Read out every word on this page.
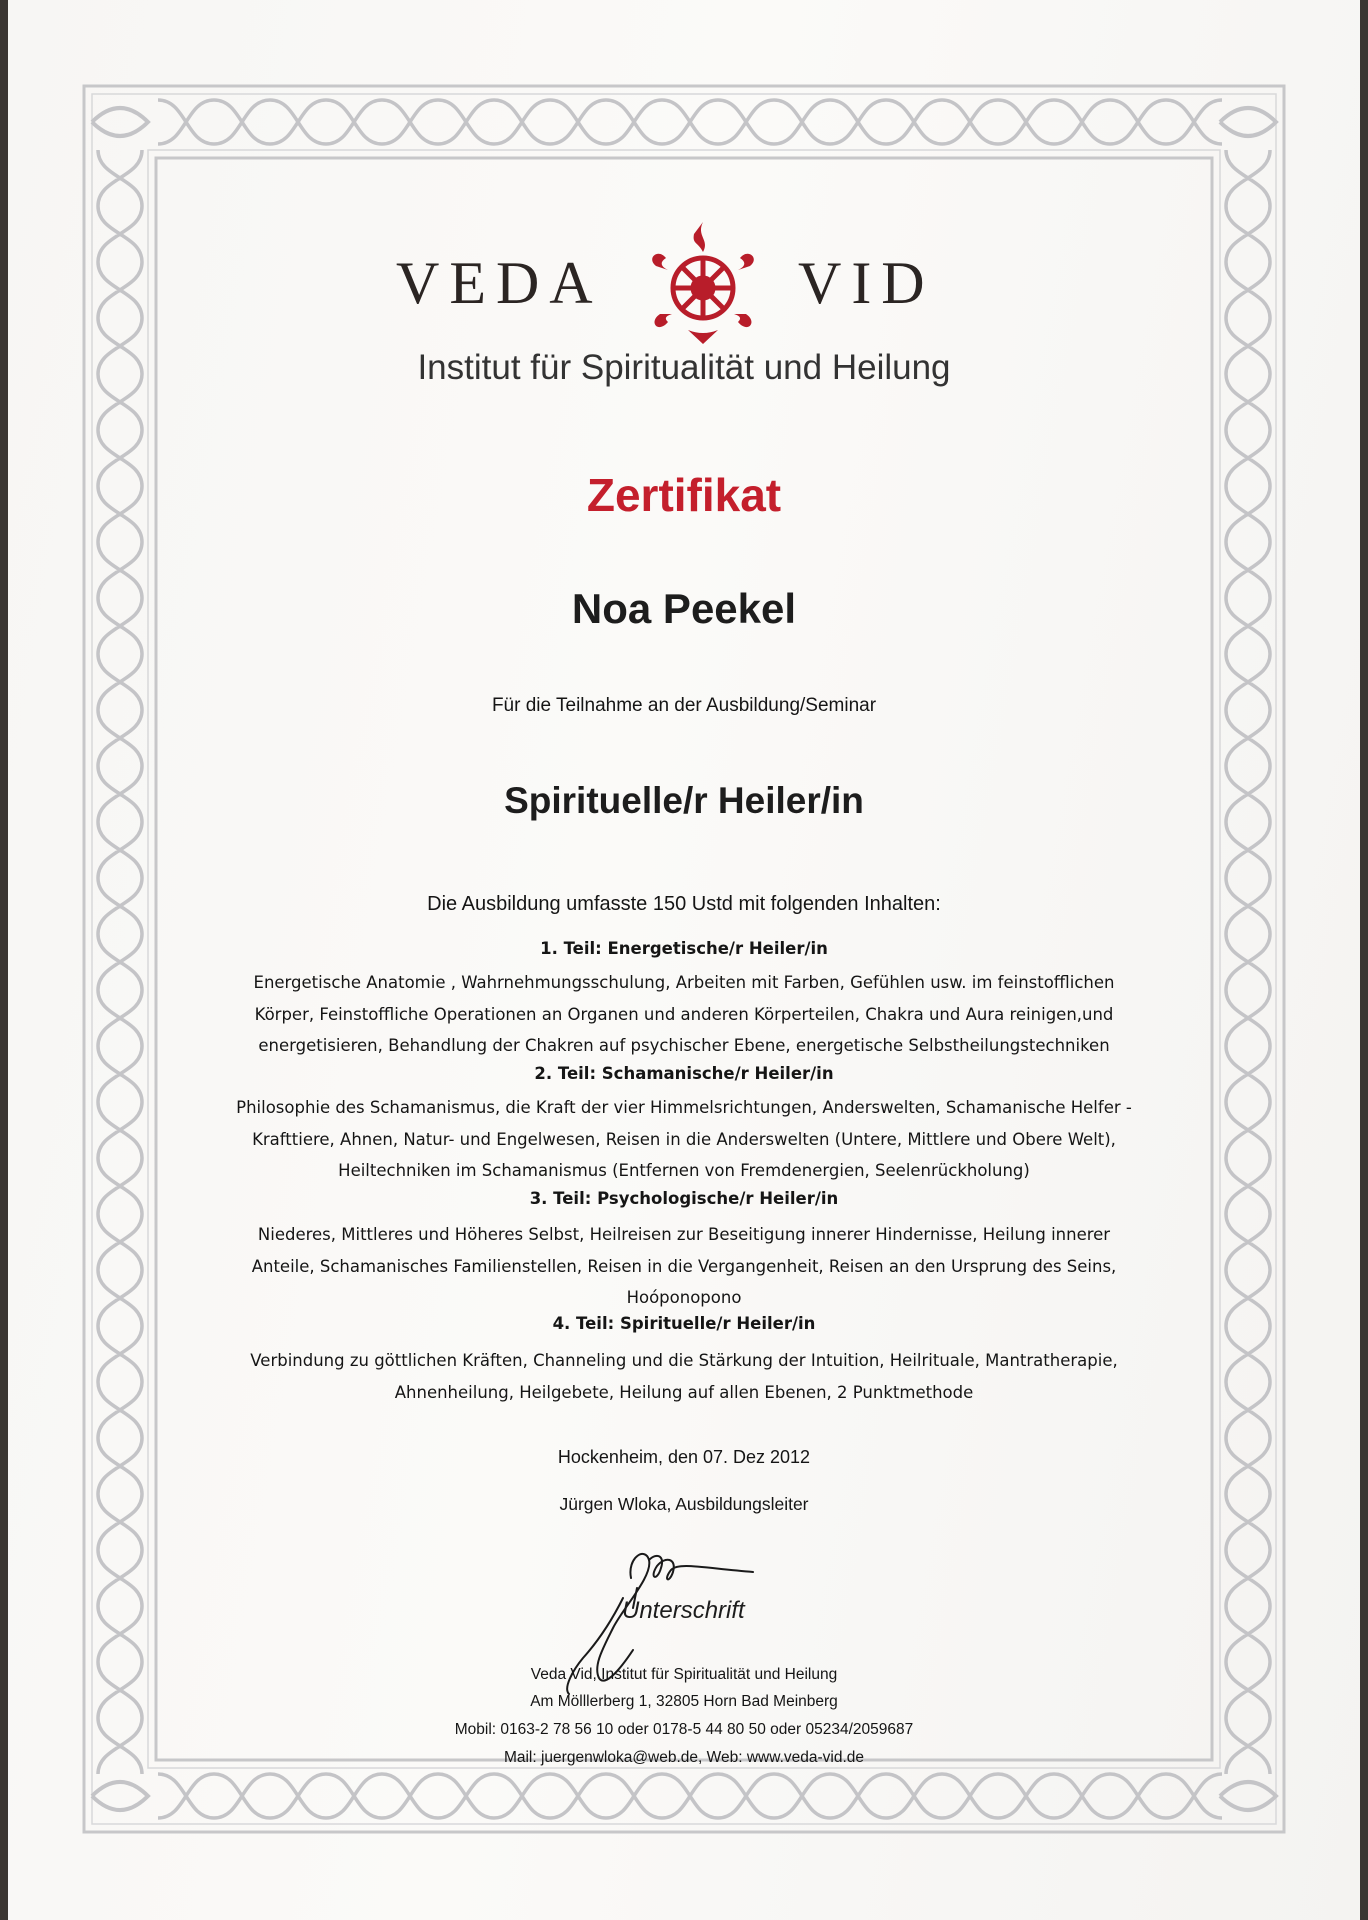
VEDA	VID

Institut für Spiritualität und Heilung

Zertifikat
Noa Peekel

Für die Teilnahme an der Ausbildung/Seminar

Spirituelle/r Heiler/in

Die Ausbildung umfasste 150 Ustd mit folgenden Inhalten:

1. Teil: Energetische/r Heiler/in
Energetische Anatomie , Wahrnehmungsschulung, Arbeiten mit Farben, Gefühlen usw. im feinstofflichen
Körper, Feinstoffliche Operationen an Organen und anderen Körperteilen, Chakra und Aura reinigen,und
energetisieren, Behandlung der Chakren auf psychischer Ebene, energetische Selbstheilungstechniken
2. Teil: Schamanische/r Heiler/in
Philosophie des Schamanismus, die Kraft der vier Himmelsrichtungen, Anderswelten, Schamanische Helfer -
Krafttiere, Ahnen, Natur- und Engelwesen, Reisen in die Anderswelten (Untere, Mittlere und Obere Welt),
Heiltechniken im Schamanismus (Entfernen von Fremdenergien, Seelenrückholung)
3. Teil: Psychologische/r Heiler/in
Niederes, Mittleres und Höheres Selbst, Heilreisen zur Beseitigung innerer Hindernisse, Heilung innerer
Anteile, Schamanisches Familienstellen, Reisen in die Vergangenheit, Reisen an den Ursprung des Seins,
Hoóponopono
4. Teil: Spirituelle/r Heiler/in
Verbindung zu göttlichen Kräften, Channeling und die Stärkung der Intuition, Heilrituale, Mantratherapie,
Ahnenheilung, Heilgebete, Heilung auf allen Ebenen, 2 Punktmethode

Hockenheim, den 07. Dez 2012

Jürgen Wloka, Ausbildungsleiter

Unterschrift

Veda Vid, Institut für Spiritualität und Heilung

Am Mölllerberg 1, 32805 Horn Bad Meinberg

Mobil: 0163-2 78 56 10 oder 0178-5 44 80 50 oder 05234/2059687

Mail: juergenwloka@web.de, Web: www.veda-vid.de
